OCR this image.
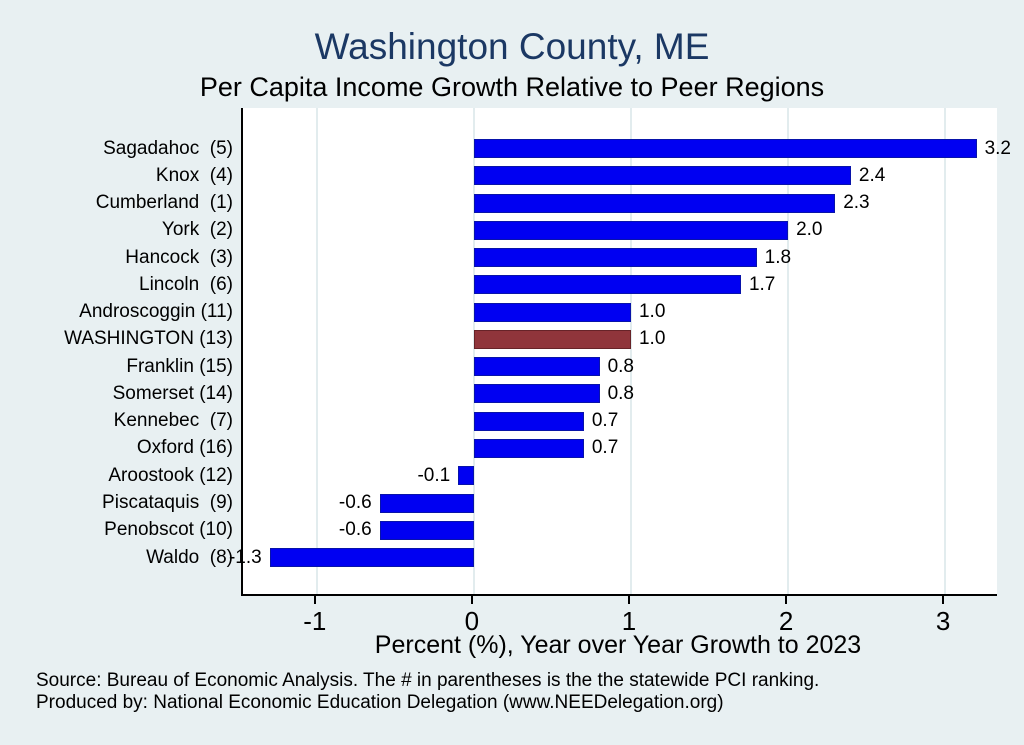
Washington County, ME
Per Capita Income Growth Relative to Peer Regions
3.2
2.4
2.3
2.0
1.8
1.7
1.0
1.0
0.8
0.8
0.7
0.7
-0.1
-0.6
-0.6
-1.3
Sagadahoc  (5)
Knox  (4)
Cumberland  (1)
York  (2)
Hancock  (3)
Lincoln  (6)
Androscoggin (11)
WASHINGTON (13)
Franklin (15)
Somerset (14)
Kennebec  (7)
Oxford (16)
Aroostook (12)
Piscataquis  (9)
Penobscot (10)
Waldo  (8)
-1	0	1	2	3
Percent (%), Year over Year Growth to 2023
Source: Bureau of Economic Analysis. The # in parentheses is the the statewide PCI ranking.
Produced by: National Economic Education Delegation (www.NEEDelegation.org)
